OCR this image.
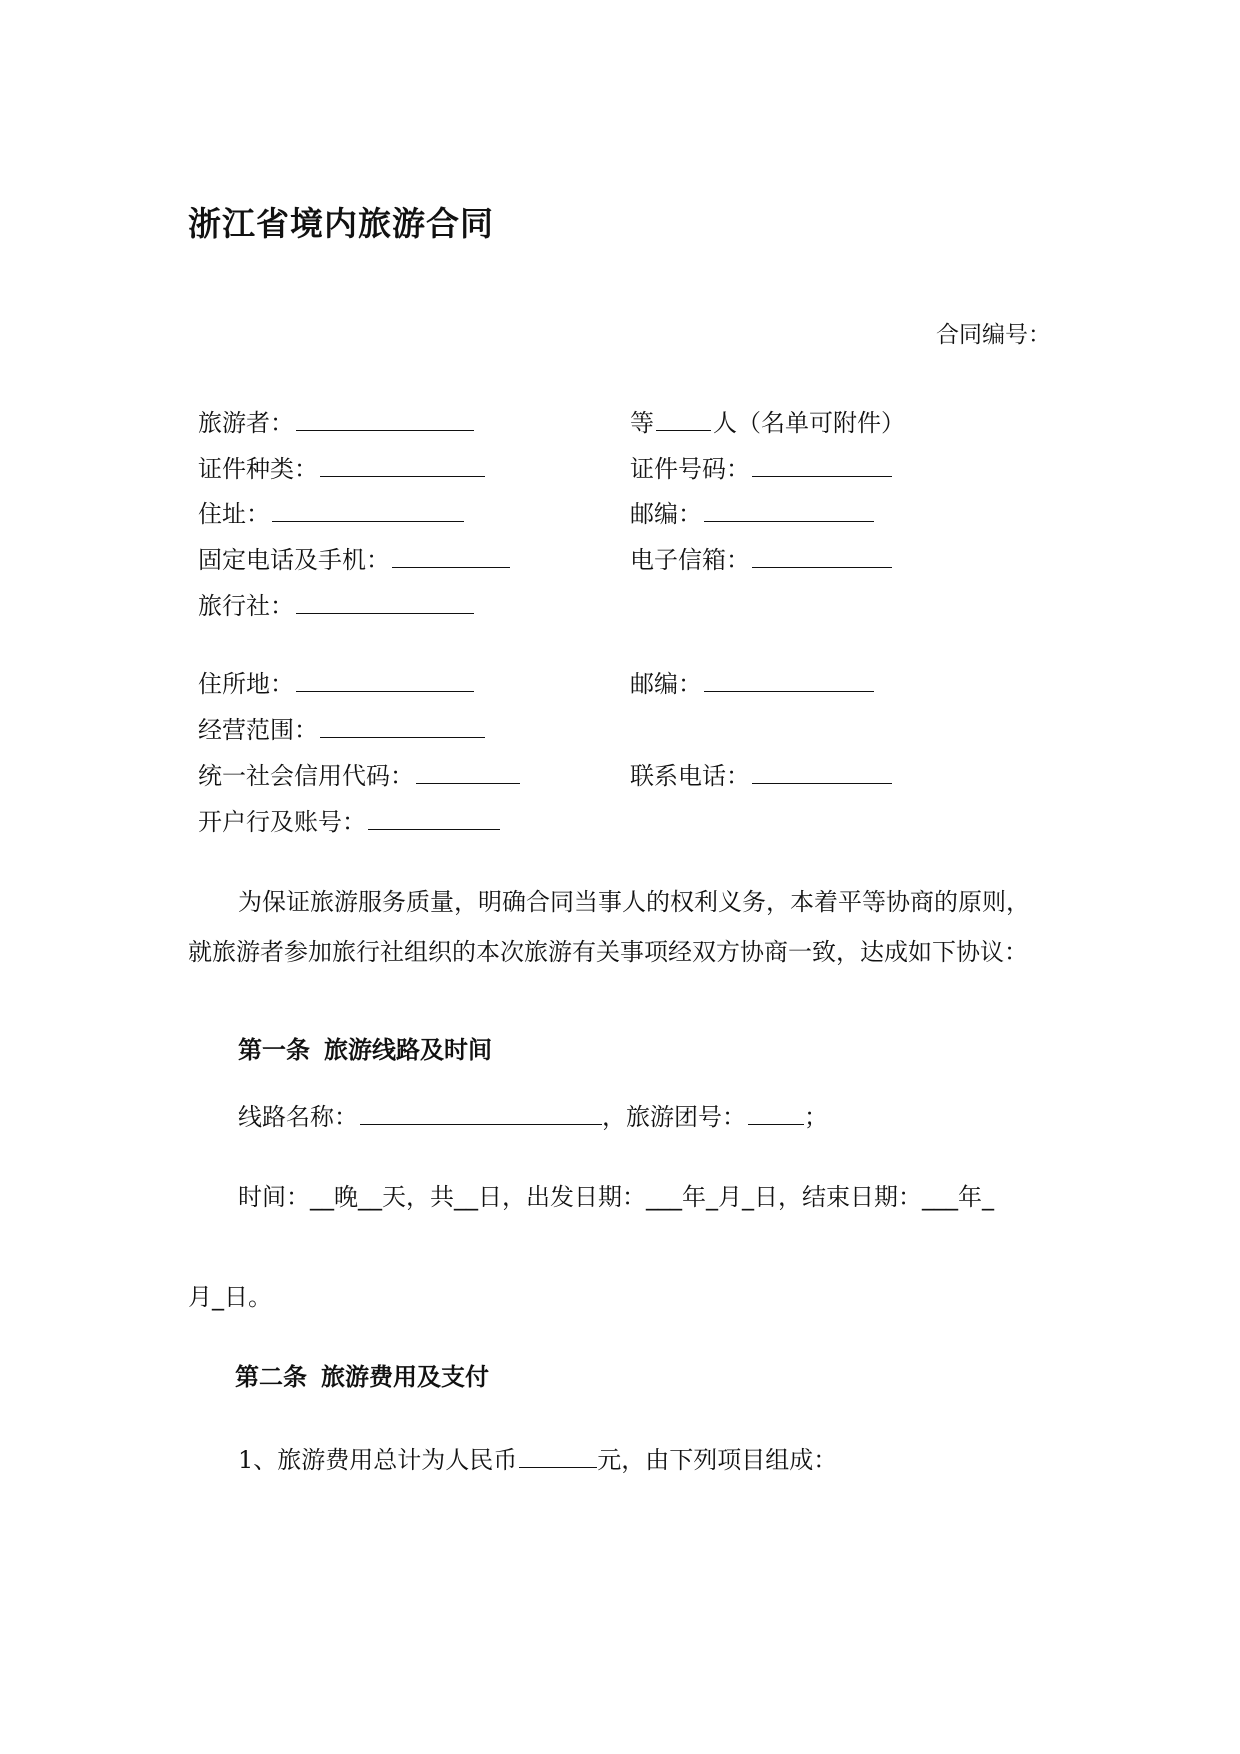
浙江省境内旅游合同
合同编号：
旅游者：	等 人（名单可附件）
证件种类：	证件号码：
住址：	邮编：
固定电话及手机：	电子信箱：
旅行社：
住所地：	邮编：
经营范围：
统一社会信用代码：	联系电话：
开户行及账号：
为保证旅游服务质量，明确合同当事人的权利义务，本着平等协商的原则，
就旅游者参加旅行社组织的本次旅游有关事项经双方协商一致，达成如下协议：
第一条 旅游线路及时间
线路名称：	，旅游团号： ；
时间：__晚__天，共__日，出发日期：___年_月_日，结束日期：___年_
月_日。
第二条 旅游费用及支付
1、旅游费用总计为人民币	元，由下列项目组成：
